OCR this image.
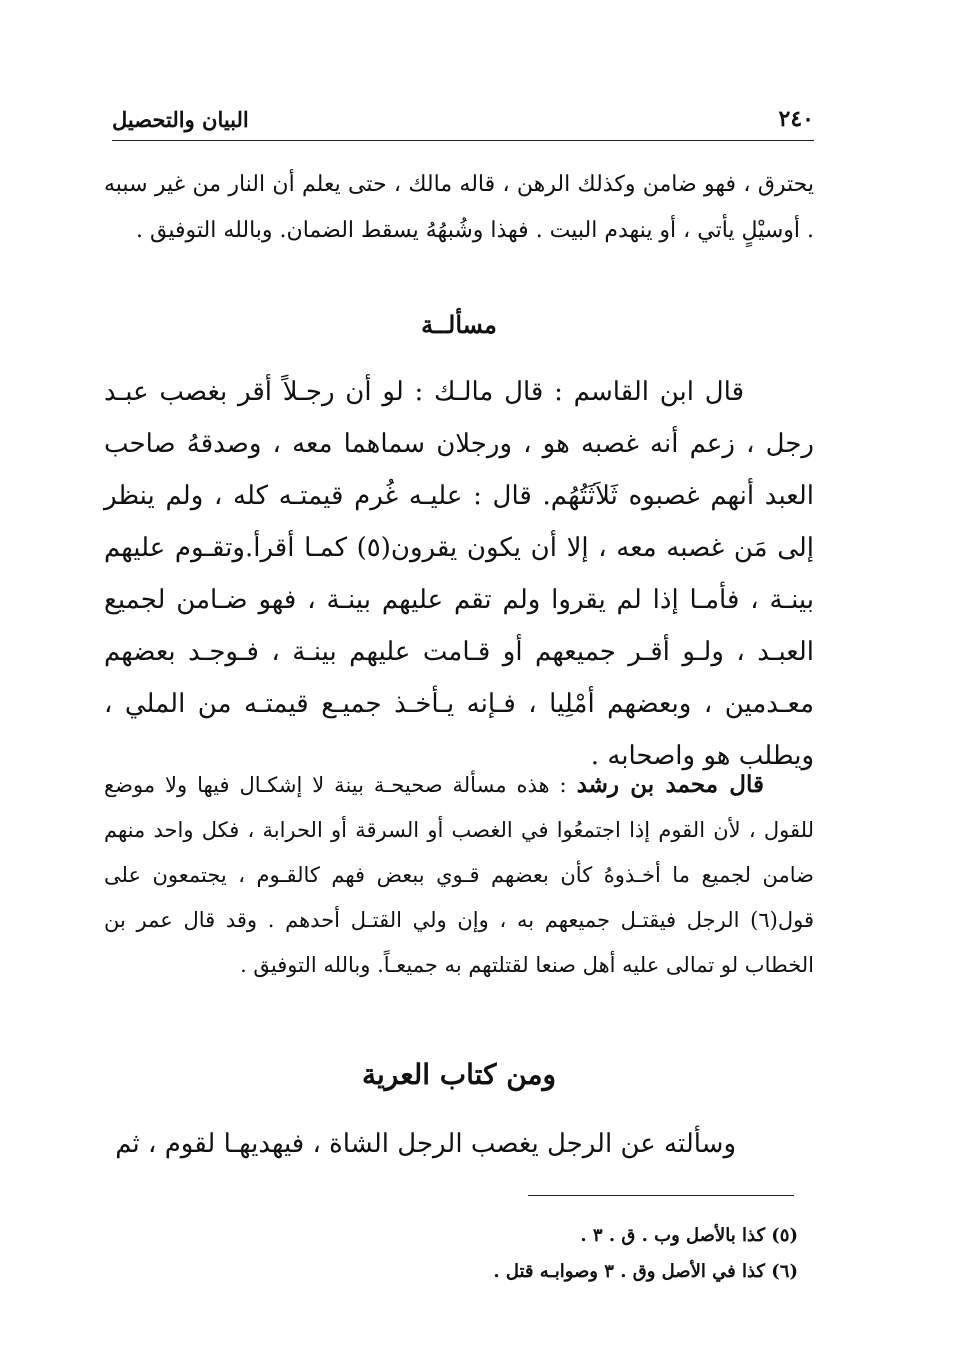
٢٤٠
البيان والتحصيل
يحترق ، فهو ضامن وكذلك الرهن ، قاله مالك ، حتى يعلم أن النار من غير سببه . أوسيْلٍ يأتي ، أو ينهدم البيت . فهذا وشُبهُهُ يسقط الضمان. وبالله التوفيق .
مسألــة
قال ابن القاسم : قال مالـك : لو أن رجـلاً أقر بغصب عبـد رجل ، زعم أنه غصبه هو ، ورجلان سماهما معه ، وصدقهُ صاحب العبد أنهم غصبوه ثَلاَثَتُهُم. قال : عليـه غُرم قيمتـه كله ، ولم ينظر إلى مَن غصبه معه ، إلا أن يكون يقرون(٥) كمـا أقرأ.وتقـوم عليهم بينـة ، فأمـا إذا لم يقروا ولم تقم عليهم بينـة ، فهو ضـامن لجميع العبـد ، ولـو أقـر جميعهم أو قـامت عليهم بينـة ، فـوجـد بعضهم معـدمين ، وبعضهم أمْلِيا ، فـإنه يـأخـذ جميـع قيمتـه من الملي ، ويطلب هو واصحابه .
قال محمد بن رشد : هذه مسألة صحيحـة بينة لا إشكـال فيها ولا موضع للقول ، لأن القوم إذا اجتمعُوا في الغصب أو السرقة أو الحرابة ، فكل واحد منهم ضامن لجميع ما أخـذوهُ كأن بعضهم قـوي ببعض فهم كالقـوم ، يجتمعون على قول(٦) الرجل فيقتـل جميعهم به ، وإن ولي القتـل أحدهم . وقد قال عمر بن الخطاب لو تمالى عليه أهل صنعا لقتلتهم به جميعـاً. وبالله التوفيق .
ومن كتاب العرية
وسألته عن الرجل يغصب الرجل الشاة ، فيهديهـا لقوم ، ثم
(٥) كذا بالأصل وب . ق . ٣ .
(٦) كذا في الأصل وق . ٣ وصوابـه قتل .
